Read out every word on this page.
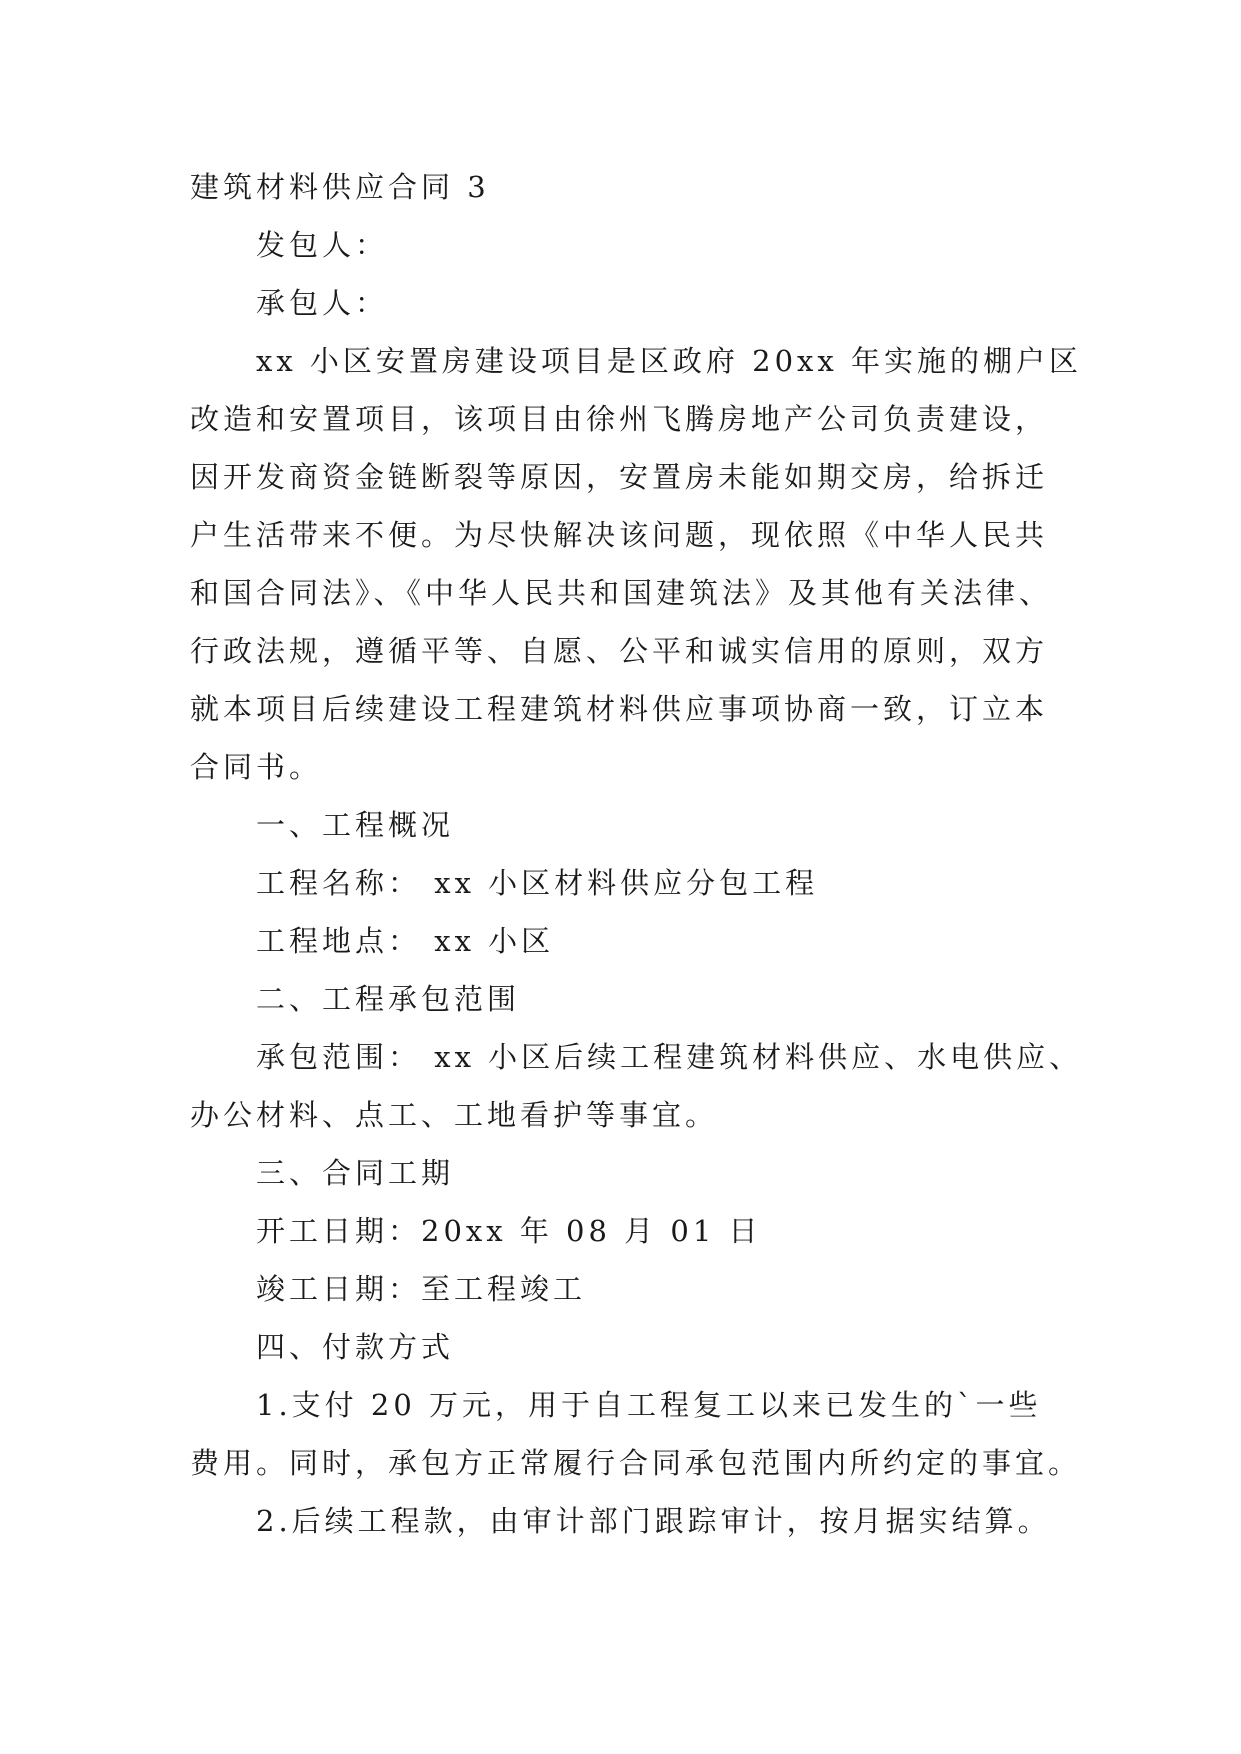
建筑材料供应合同 3
发包人：
承包人：
xx 小区安置房建设项目是区政府 20xx 年实施的棚户区
改造和安置项目，该项目由徐州飞腾房地产公司负责建设，
因开发商资金链断裂等原因，安置房未能如期交房，给拆迁
户生活带来不便。为尽快解决该问题，现依照《中华人民共
和国合同法》、《中华人民共和国建筑法》及其他有关法律、
行政法规，遵循平等、自愿、公平和诚实信用的原则，双方
就本项目后续建设工程建筑材料供应事项协商一致，订立本
合同书。
一、工程概况
工程名称： xx 小区材料供应分包工程
工程地点： xx 小区
二、工程承包范围
承包范围： xx 小区后续工程建筑材料供应、水电供应、
办公材料、点工、工地看护等事宜。
三、合同工期
开工日期：20xx 年 08 月 01 日
竣工日期：至工程竣工
四、付款方式
1.支付 20 万元，用于自工程复工以来已发生的`一些
费用。同时，承包方正常履行合同承包范围内所约定的事宜。
2.后续工程款，由审计部门跟踪审计，按月据实结算。
